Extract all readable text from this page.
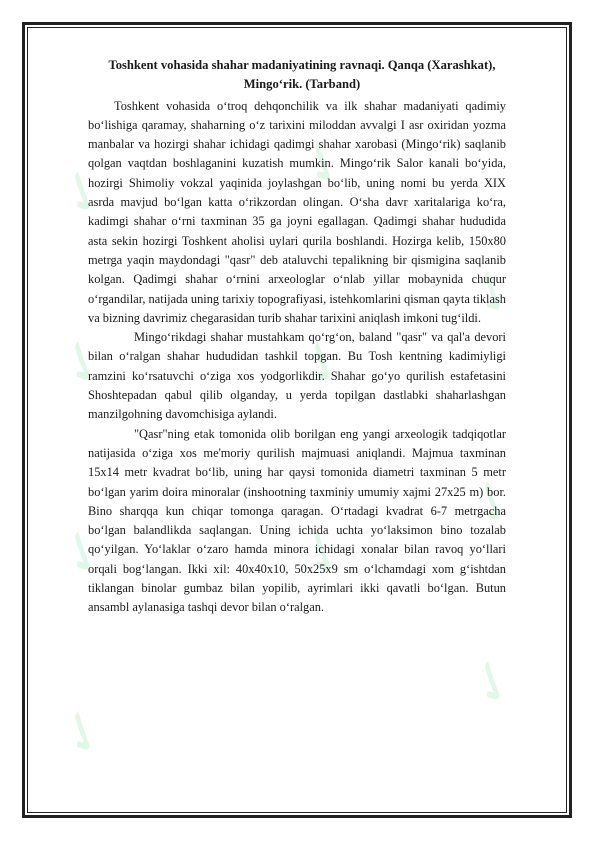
✓
✓
✓
✓
✓
✓
✓
✓
✓
✓
Toshkent vohasida shahar madaniyatining ravnaqi. Qanqa (Xarashkat),
Mingo‘rik. (Tarband)

Toshkent vohasida o‘troq dehqonchilik va ilk shahar madaniyati qadimiy bo‘lishiga qaramay, shaharning o‘z tarixini miloddan avvalgi I asr oxiridan yozma manbalar va hozirgi shahar ichidagi qadimgi shahar xarobasi (Mingo‘rik) saqlanib qolgan vaqtdan boshlaganini kuzatish mumkin. Mingo‘rik Salor kanali bo‘yida, hozirgi Shimoliy vokzal yaqinida joylashgan bo‘lib, uning nomi bu yerda XIX asrda mavjud bo‘lgan katta o‘rikzordan olingan. O‘sha davr xaritalariga ko‘ra, kadimgi shahar o‘rni taxminan 35 ga joyni egallagan. Qadimgi shahar hududida asta sekin hozirgi Toshkent aholisi uylari qurila boshlandi. Hozirga kelib, 150x80 metrga yaqin maydondagi "qasr" deb ataluvchi tepalikning bir qismigina saqlanib kolgan. Qadimgi shahar o‘rnini arxeologlar o‘nlab yillar mobaynida chuqur o‘rgandilar, natijada uning tarixiy topografiyasi, istehkomlarini qisman qayta tiklash va bizning davrimiz chegarasidan turib shahar tarixini aniqlash imkoni tug‘ildi.

Mingo‘rikdagi shahar mustahkam qo‘rg‘on, baland "qasr" va qal'a devori bilan o‘ralgan shahar hududidan tashkil topgan. Bu Tosh kentning kadimiyligi ramzini ko‘rsatuvchi o‘ziga xos yodgorlikdir. Shahar go‘yo qurilish estafetasini Shoshtepadan qabul qilib olganday, u yerda topilgan dastlabki shaharlashgan manzilgohning davomchisiga aylandi.

"Qasr"ning etak tomonida olib borilgan eng yangi arxeologik tadqiqotlar natijasida o‘ziga xos me'moriy qurilish majmuasi aniqlandi. Majmua taxminan 15x14 metr kvadrat bo‘lib, uning har qaysi tomonida diametri taxminan 5 metr bo‘lgan yarim doira minoralar (inshootning taxminiy umumiy xajmi 27x25 m) bor. Bino sharqqa kun chiqar tomonga qaragan. O‘rtadagi kvadrat 6-7 metrgacha bo‘lgan balandlikda saqlangan. Uning ichida uchta yo‘laksimon bino tozalab qo‘yilgan. Yo‘laklar o‘zaro hamda minora ichidagi xonalar bilan ravoq yo‘llari orqali bog‘langan. Ikki xil: 40x40x10, 50x25x9 sm o‘lchamdagi xom g‘ishtdan tiklangan binolar gumbaz bilan yopilib, ayrimlari ikki qavatli bo‘lgan. Butun ansambl aylanasiga tashqi devor bilan o‘ralgan.
